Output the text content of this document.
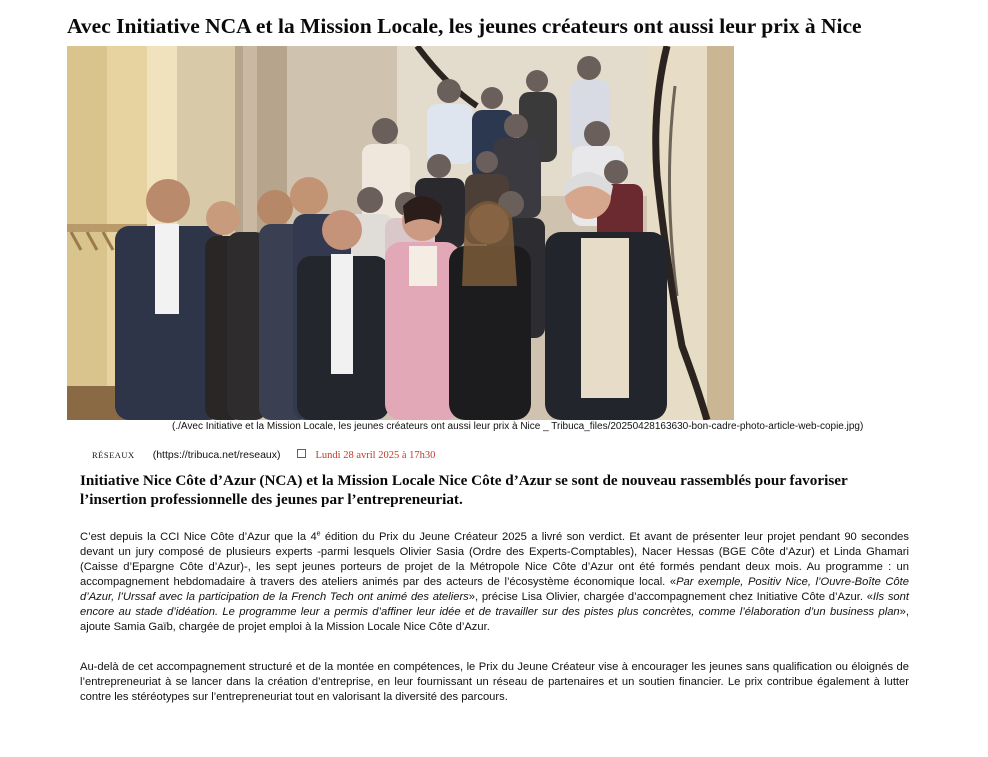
Avec Initiative NCA et la Mission Locale, les jeunes créateurs ont aussi leur prix à Nice

(./Avec Initiative et la Mission Locale, les jeunes créateurs ont aussi leur prix à Nice _ Tribuca_files/20250428163630-bon-cadre-photo-article-web-copie.jpg)

RÉSEAUX (https://tribuca.net/reseaux)	Lundi 28 avril 2025 à 17h30

Initiative Nice Côte d’Azur (NCA) et la Mission Locale Nice Côte d’Azur se sont de nouveau rassemblés pour favoriser l’insertion professionnelle des jeunes par l’entrepreneuriat.

C’est depuis la CCI Nice Côte d’Azur que la 4e édition du Prix du Jeune Créateur 2025 a livré son verdict. Et avant de présenter leur projet pendant 90 secondes devant un jury composé de plusieurs experts -parmi lesquels Olivier Sasia (Ordre des Experts-Comptables), Nacer Hessas (BGE Côte d’Azur) et Linda Ghamari (Caisse d’Epargne Côte d’Azur)-, les sept jeunes porteurs de projet de la Métropole Nice Côte d’Azur ont été formés pendant deux mois. Au programme : un accompagnement hebdomadaire à travers des ateliers animés par des acteurs de l’écosystème économique local. «Par exemple, Positiv Nice, l’Ouvre-Boîte Côte d’Azur, l’Urssaf avec la participation de la French Tech ont animé des ateliers», précise Lisa Olivier, chargée d’accompagnement chez Initiative Côte d’Azur. «Ils sont encore au stade d’idéation. Le programme leur a permis d’affiner leur idée et de travailler sur des pistes plus concrètes, comme l’élaboration d’un business plan», ajoute Samia Gaïb, chargée de projet emploi à la Mission Locale Nice Côte d’Azur.

Au-delà de cet accompagnement structuré et de la montée en compétences, le Prix du Jeune Créateur vise à encourager les jeunes sans qualification ou éloignés de l’entrepreneuriat à se lancer dans la création d’entreprise, en leur fournissant un réseau de partenaires et un soutien financier. Le prix contribue également à lutter contre les stéréotypes sur l’entrepreneuriat tout en valorisant la diversité des parcours.
